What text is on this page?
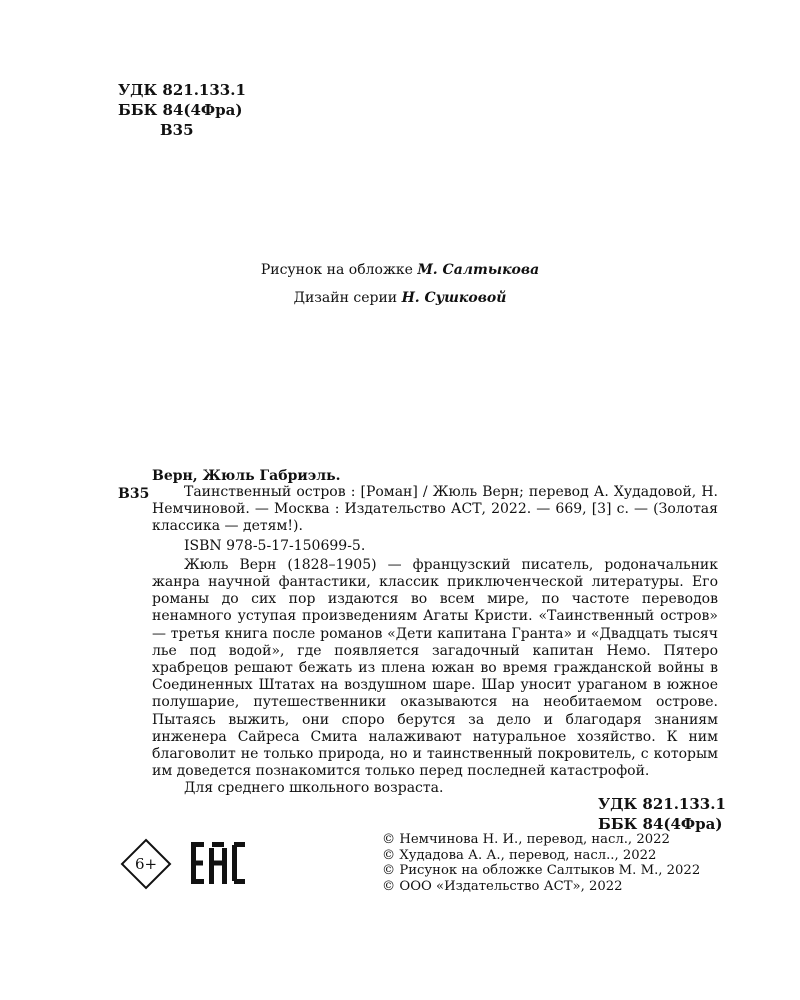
УДК 821.133.1
ББК 84(4Фра)
В35
Рисунок на обложке М. Салтыкова
Дизайн серии Н. Сушковой
Верн, Жюль Габриэль.
В35	Таинственный остров : [Роман] / Жюль Верн; перевод А. Худадовой, Н. Немчиновой. — Москва : Издательство АСТ, 2022. — 669, [3] с. — (Золотая классика — детям!).

ISBN 978-5-17-150699-5.

Жюль Верн (1828–1905) — французский писатель, родоначальник жанра научной фантастики, классик приключенческой литературы. Его романы до сих пор издаются во всем мире, по частоте переводов ненамного уступая произведениям Агаты Кристи. «Таинственный остров» — третья книга после романов «Дети капитана Гранта» и «Двадцать тысяч лье под водой», где появляется загадочный капитан Немо. Пятеро храбрецов решают бежать из плена южан во время гражданской войны в Соединенных Штатах на воздушном шаре. Шар уносит ураганом в южное полушарие, путешественники оказываются на необитаемом острове. Пытаясь выжить, они споро берутся за дело и благодаря знаниям инженера Сайреса Смита налаживают натуральное хозяйство. К ним благоволит не только природа, но и таинственный покровитель, с которым им доведется познакомится только перед последней катастрофой.

Для среднего школьного возраста.

УДК 821.133.1
ББК 84(4Фра)
6+
© Немчинова Н. И., перевод, насл., 2022
© Худадова А. А., перевод, насл.., 2022
© Рисунок на обложке Салтыков М. М., 2022
© ООО «Издательство АСТ», 2022
